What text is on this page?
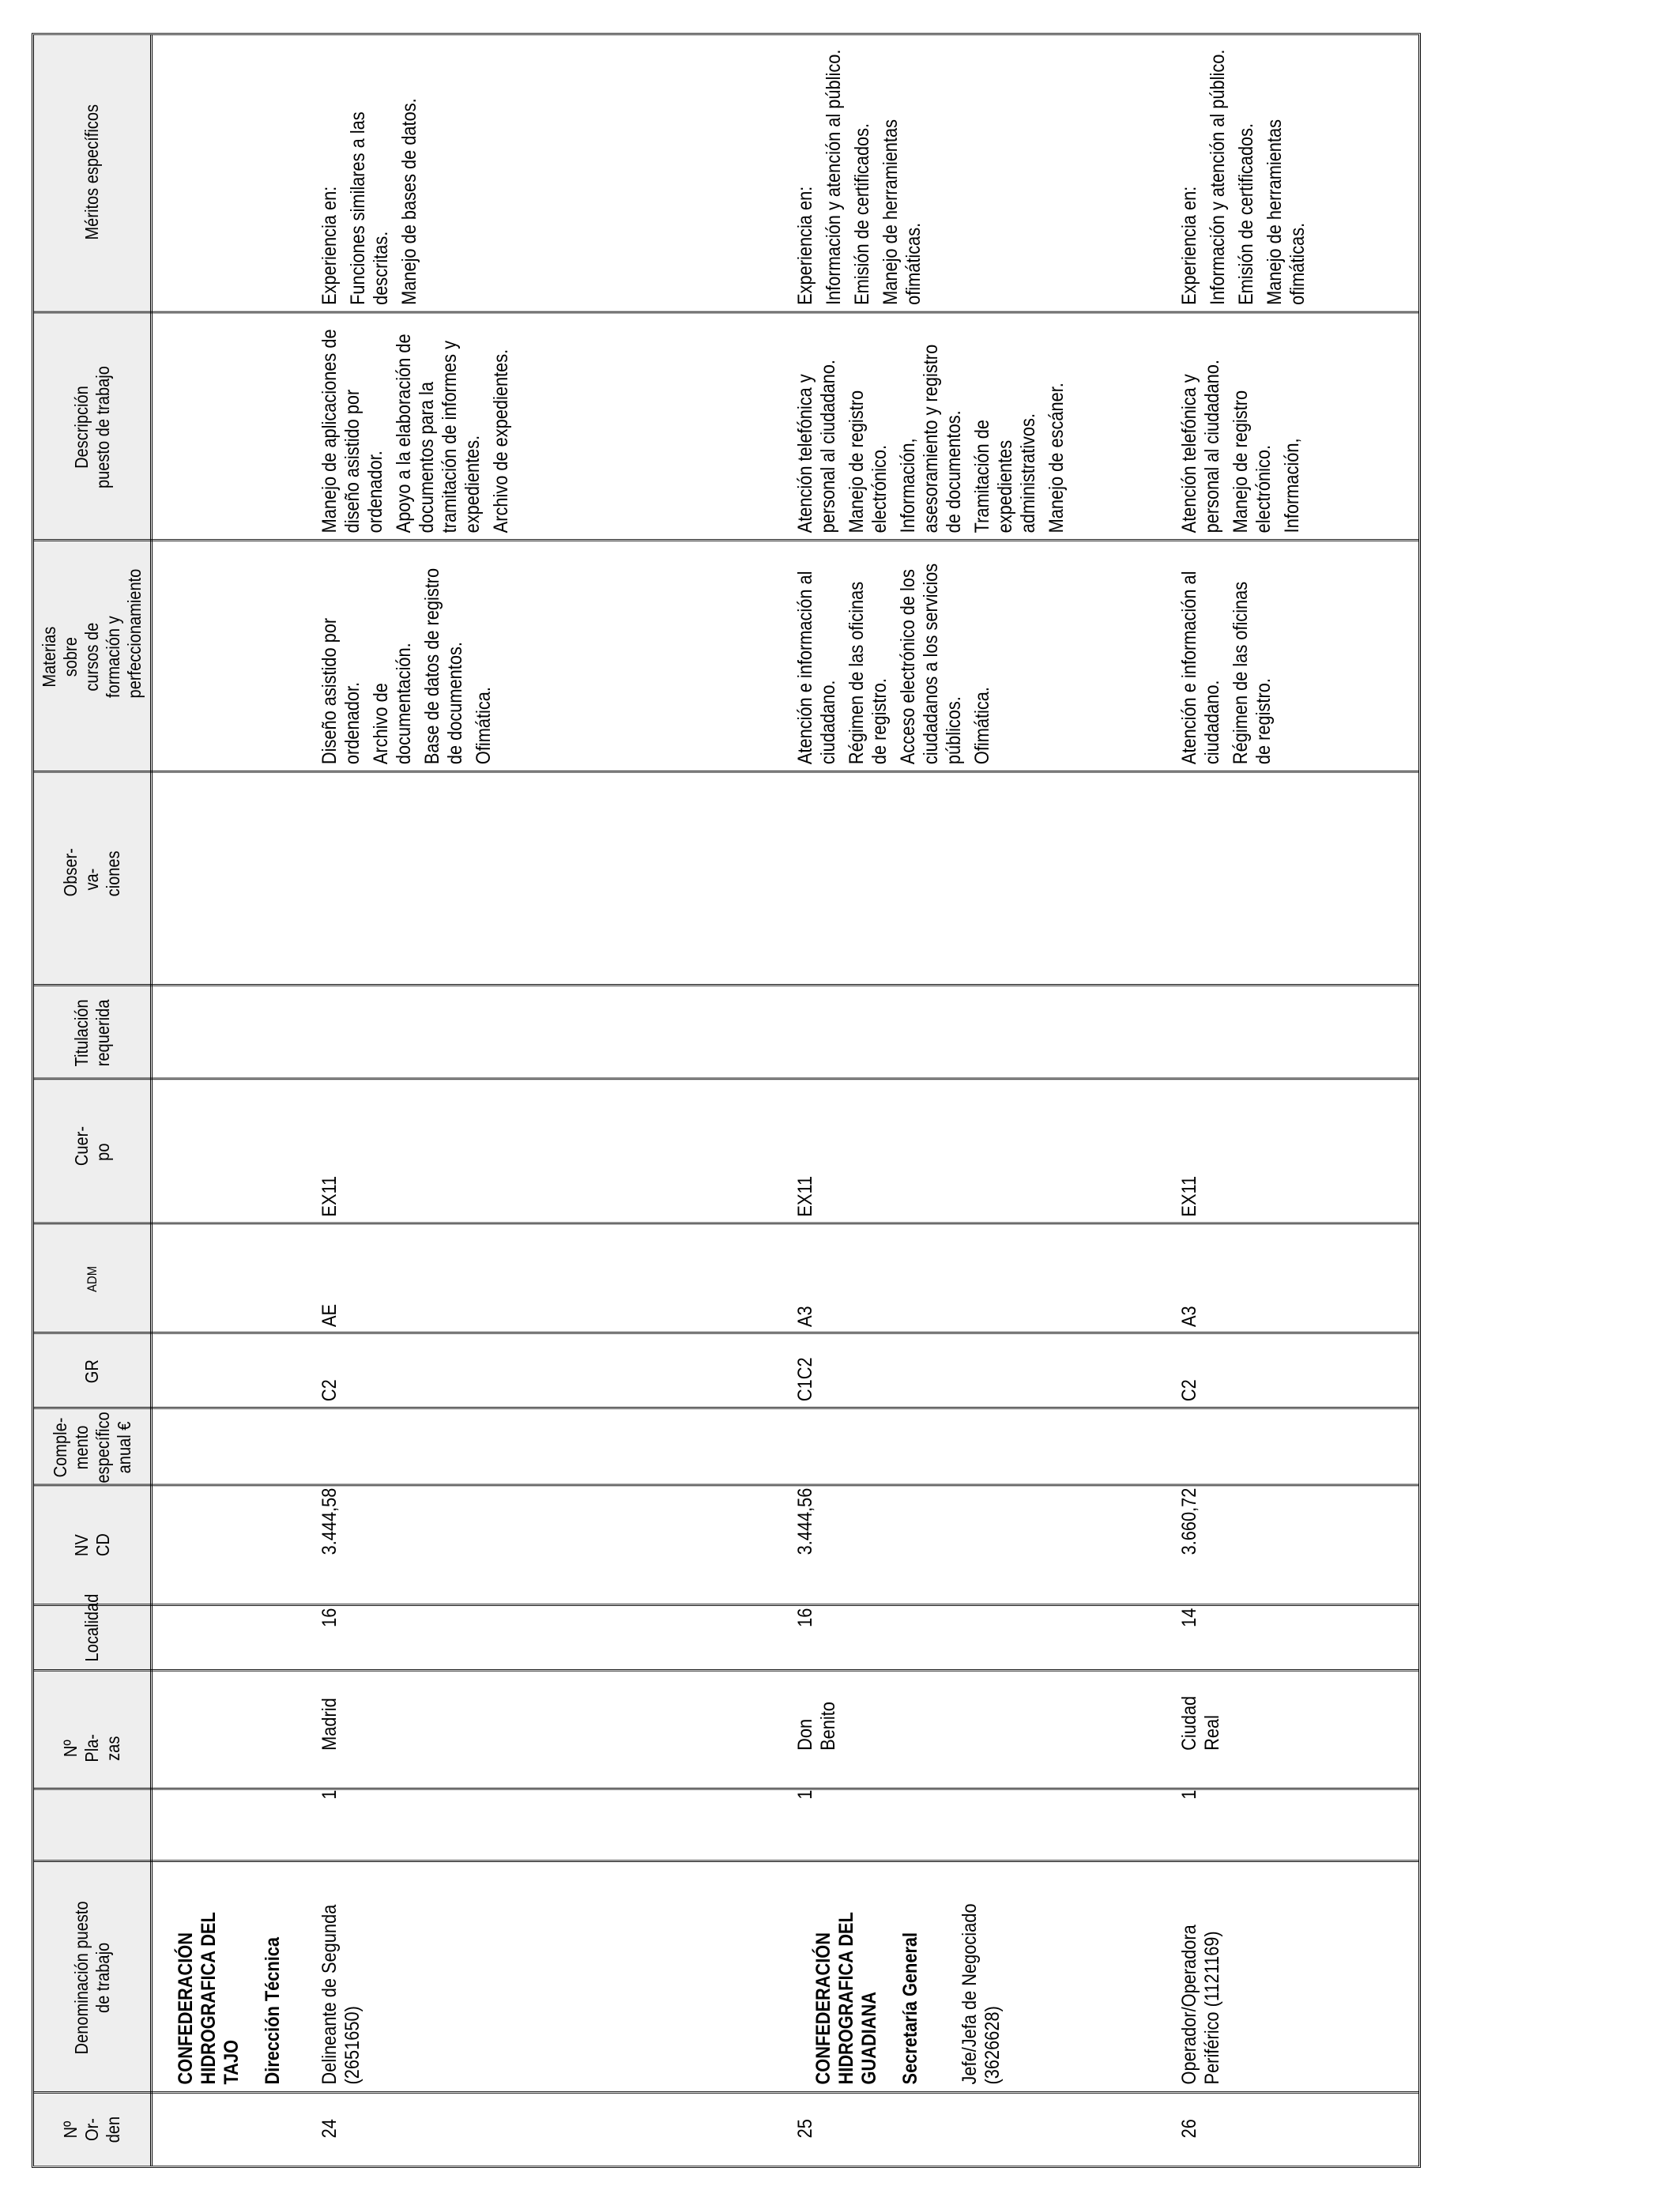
Nº Or- den
Denominación puesto de trabajo
Nº Pla- zas
Localidad
NV CD
Comple- mento específico anual €
GR
ADM
Cuer- po
Titulación requerida
Obser- va- ciones
Materias sobre cursos de formación y perfeccionamiento
Descripción puesto de trabajo
CONFEDERACIÓN HIDROGRAFICA DEL TAJO Dirección Técnica
24
Delineante de Segunda (2651650)
1
Madrid
16
3.444,58
C2
AE
EX11
Diseño asistido por ordenador. Archivo de documentación. Base de datos de registro de documentos. Ofimática.
Manejo de aplicaciones de diseño asistido por ordenador. Apoyo a la elaboración de documentos para la tramitación de informes y expedientes. Archivo de expedientes.
CONFEDERACIÓN HIDROGRAFICA DEL GUADIANA Secretaría General
25
Jefe/Jefa de Negociado (3626628)
1
Don Benito
16
3.444,56
C1C2
A3
EX11
Atención e información al ciudadano. Régimen de las oficinas de registro. Acceso electrónico de los ciudadanos a los servicios públicos. Ofimática.
Atención telefónica y personal al ciudadano. Manejo de registro electrónico. Información, asesoramiento y registro de documentos. Tramitación de expedientes administrativos. Manejo de escáner.
26
Operador/Operadora Periférico (1121169)
1
Ciudad Real
14
3.660,72
C2
A3
EX11
Atención e información al ciudadano. Régimen de las oficinas de registro.
Atención telefónica y personal al ciudadano. Manejo de registro electrónico. Información,
Méritos específicos
Experiencia en: Funciones similares a las descritas. Manejo de bases de datos.	Experiencia en: Información y atención al público. Emisión de certificados. Manejo de herramientas ofimáticas.	Experiencia en: Información y atención al público. Emisión de certificados. Manejo de herramientas ofimáticas.
